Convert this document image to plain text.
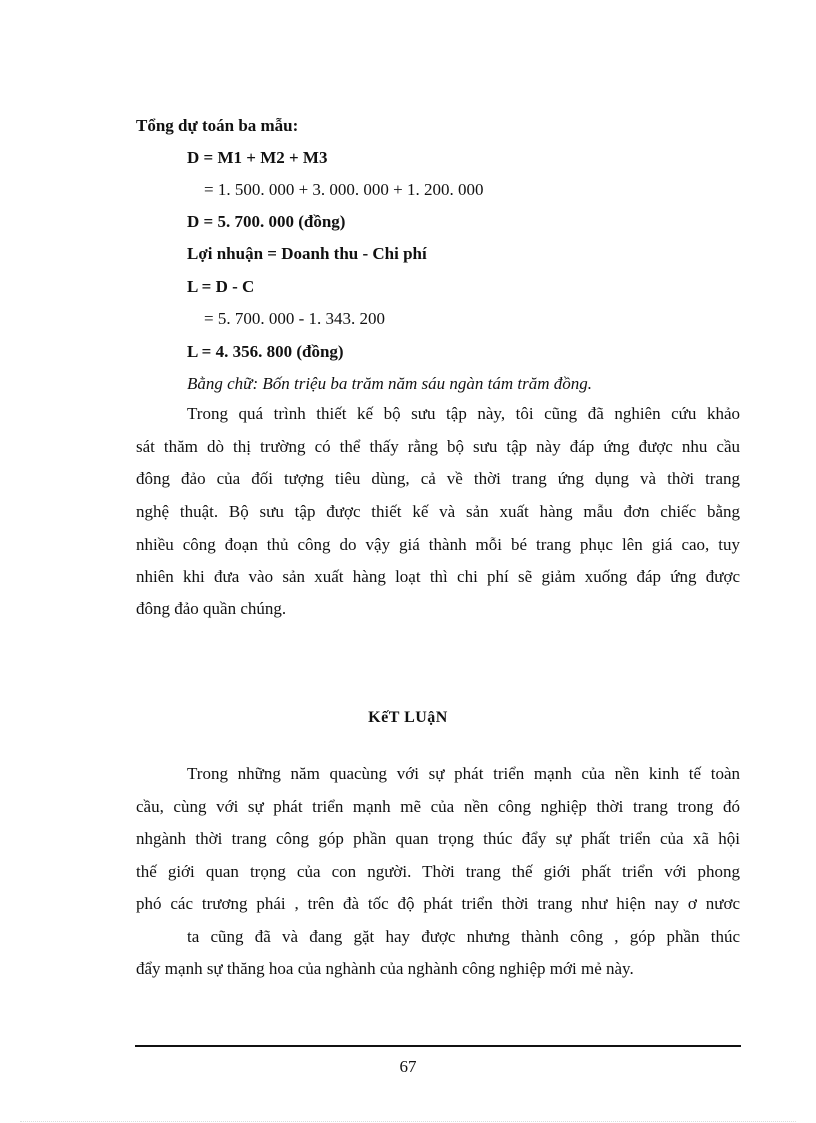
Tổng dự toán ba mẫu:
D = M1 + M2 + M3
= 1. 500. 000 + 3. 000. 000 + 1. 200. 000
D = 5. 700. 000 (đồng)
Lợi nhuận = Doanh thu - Chi phí
L = D - C
= 5. 700. 000 - 1. 343. 200
L = 4. 356. 800 (đồng)
Bằng chữ: Bốn triệu ba trăm năm sáu ngàn tám trăm đồng.
Trong quá trình thiết kế bộ sưu tập này, tôi cũng đã nghiên cứu khảo
sát thăm dò thị trường có thể thấy rằng bộ sưu tập này đáp ứng được nhu cầu
đông đảo của đối tượng tiêu dùng, cả về thời trang ứng dụng và thời trang
nghệ thuật. Bộ sưu tập được thiết kế và sản xuất hàng mẫu đơn chiếc bằng
nhiều công đoạn thủ công do vậy giá thành mỗi bé trang phục lên giá cao, tuy
nhiên khi đưa vào sản xuất hàng loạt thì chi phí sẽ giảm xuống đáp ứng được
đông đảo quần chúng.
KếT LUậN
Trong những năm quacùng với sự phát triển mạnh của nền kinh tế toàn
cầu, cùng với sự phát triển mạnh mẽ của nền công nghiệp thời trang trong đó
nhgành thời trang công góp phần quan trọng thúc đẩy sự phất triển của xã hội
thế giới quan trọng của con người. Thời trang thế giới phất triển với phong
phó các trương phái , trên đà tốc độ phát triển thời trang như hiện nay ơ nươc
ta cũng đã và đang gặt hay được nhưng thành công , góp phần thúc
đẩy mạnh sự thăng hoa của nghành của nghành công nghiệp mới mẻ này.
67
